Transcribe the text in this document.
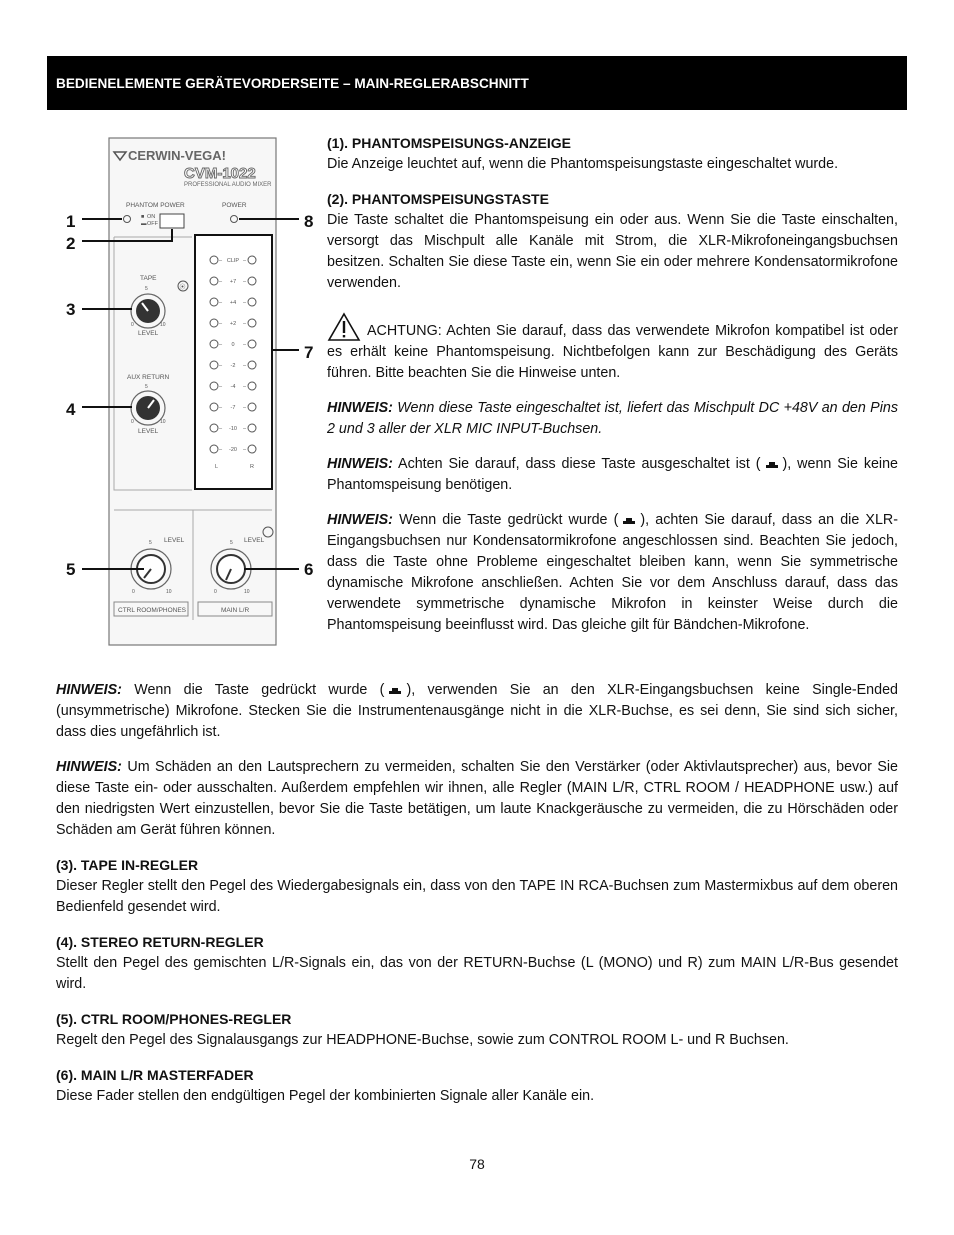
BEDIENELEMENTE GERÄTEVORDERSEITE – MAIN-REGLERABSCHNITT
CERWIN-VEGA!
CVM-1022
PROFESSIONAL AUDIO MIXER
PHANTOM POWER
■ ON
▬ OFF
POWER
TAPE
5
0	10
LEVEL
⦿
AUX RETURN
5
0	10
LEVEL
– CLIP –
– +7 –
– +4 –
– +2 –
– 0 –
– -2 –
– -4 –
– -7 –
– -10 –
– -20 –
L	R
LEVEL
5
0	10
CTRL ROOM/PHONES
LEVEL
5
0	10
MAIN L/R
1
2
3
4
5	6
7
8
(1). PHANTOMSPEISUNGS-ANZEIGE

Die Anzeige leuchtet auf, wenn die Phantomspeisungstaste eingeschaltet wurde.

(2). PHANTOMSPEISUNGSTASTE

Die Taste schaltet die Phantomspeisung ein oder aus. Wenn Sie die Taste einschalten, versorgt das Mischpult alle Kanäle mit Strom, die XLR-Mikrofoneingangsbuchsen besitzen. Schalten Sie diese Taste ein, wenn Sie ein oder mehrere Kondensatormikrofone verwenden.

ACHTUNG: Achten Sie darauf, dass das verwendete Mikrofon kompatibel ist oder es erhält keine Phantomspeisung. Nichtbefolgen kann zur Beschädigung des Geräts führen. Bitte beachten Sie die Hinweise unten.

HINWEIS: Wenn diese Taste eingeschaltet ist, liefert das Mischpult DC +48V an den Pins 2 und 3 aller der XLR MIC INPUT-Buchsen.

HINWEIS: Achten Sie darauf, dass diese Taste ausgeschaltet ist ( ), wenn Sie keine Phantomspeisung benötigen.

HINWEIS: Wenn die Taste gedrückt wurde ( ), achten Sie darauf, dass an die XLR-Eingangsbuchsen nur Kondensatormikrofone angeschlossen sind. Beachten Sie jedoch, dass die Taste ohne Probleme eingeschaltet bleiben kann, wenn Sie symmetrische dynamische Mikrofone anschließen. Achten Sie vor dem Anschluss darauf, dass das verwendete symmetrische dynamische Mikrofon in keinster Weise durch die Phantomspeisung beeinflusst wird. Das gleiche gilt für Bändchen-Mikrofone.

HINWEIS: Wenn die Taste gedrückt wurde ( ), verwenden Sie an den XLR-Eingangsbuchsen keine Single-Ended (unsymmetrische) Mikrofone. Stecken Sie die Instrumentenausgänge nicht in die XLR-Buchse, es sei denn, Sie sind sich sicher, dass dies ungefährlich ist.

HINWEIS: Um Schäden an den Lautsprechern zu vermeiden, schalten Sie den Verstärker (oder Aktivlautsprecher) aus, bevor Sie diese Taste ein- oder ausschalten. Außerdem empfehlen wir ihnen, alle Regler (MAIN L/R, CTRL ROOM / HEADPHONE usw.) auf den niedrigsten Wert einzustellen, bevor Sie die Taste betätigen, um laute Knackgeräusche zu vermeiden, die zu Hörschäden oder Schäden am Gerät führen können.

(3). TAPE IN-REGLER

Dieser Regler stellt den Pegel des Wiedergabesignals ein, dass von den TAPE IN RCA-Buchsen zum Mastermixbus auf dem oberen Bedienfeld gesendet wird.

(4). STEREO RETURN-REGLER

Stellt den Pegel des gemischten L/R-Signals ein, das von der RETURN-Buchse (L (MONO) und R) zum MAIN L/R-Bus gesendet wird.

(5). CTRL ROOM/PHONES-REGLER

Regelt den Pegel des Signalausgangs zur HEADPHONE-Buchse, sowie zum CONTROL ROOM L- und R Buchsen.

(6). MAIN L/R MASTERFADER

Diese Fader stellen den endgültigen Pegel der kombinierten Signale aller Kanäle ein.

78
